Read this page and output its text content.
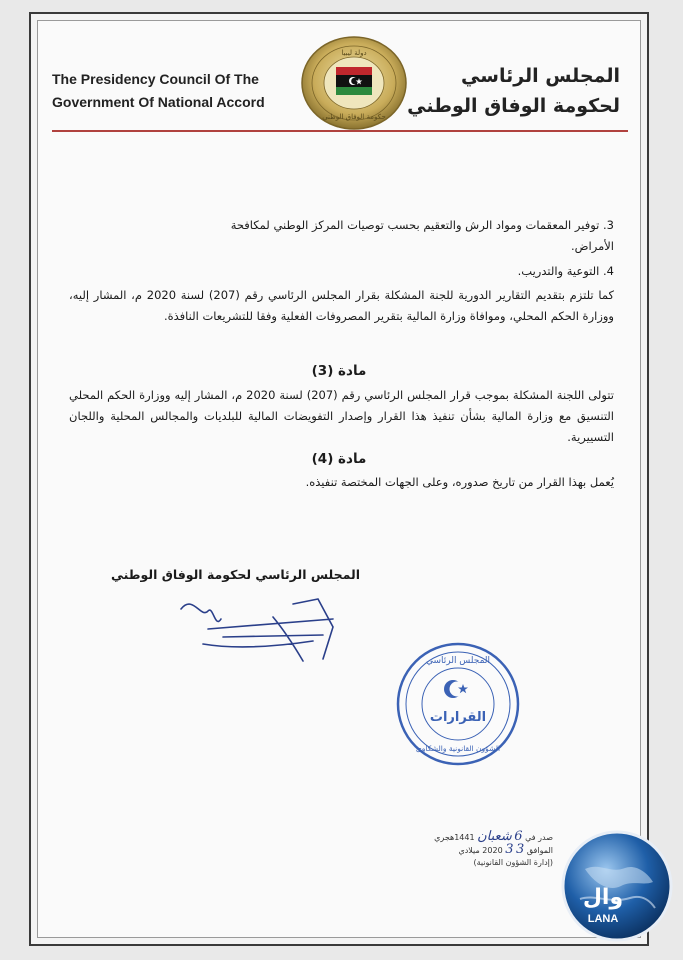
The Presidency Council Of The
Government Of National Accord
دولة ليبيا
حكومة الوفاق الوطني
المجلس الرئاسي
لحكومة الوفاق الوطني
3. توفير المعقمات ومواد الرش والتعقيم بحسب توصيات المركز الوطني لمكافحة
الأمراض.
4. التوعية والتدريب.
كما تلتزم بتقديم التقارير الدورية للجنة المشكلة بقرار المجلس الرئاسي رقم (207) لسنة 2020 م، المشار إليه، ووزارة الحكم المحلي، وموافاة وزارة المالية بتقرير المصروفات الفعلية وفقا للتشريعات النافذة.
مادة (3)
تتولى اللجنة المشكلة بموجب قرار المجلس الرئاسي رقم (207) لسنة 2020 م، المشار إليه ووزارة الحكم المحلي التنسيق مع وزارة المالية بشأن تنفيذ هذا القرار وإصدار التفويضات المالية للبلديات والمجالس المحلية واللجان التسييرية.
مادة (4)
يُعمل بهذا القرار من تاريخ صدوره، وعلى الجهات المختصة تنفيذه.
المجلس الرئاسي لحكومة الوفاق الوطني
المجلس الرئاسي
القرارات
الشؤون القانونية والشكاوى
صدر في 6 شعبان 1441هجري
الموافق 3 3 2020 ميلادي
(إدارة الشؤون القانونية)
وال
LANA
